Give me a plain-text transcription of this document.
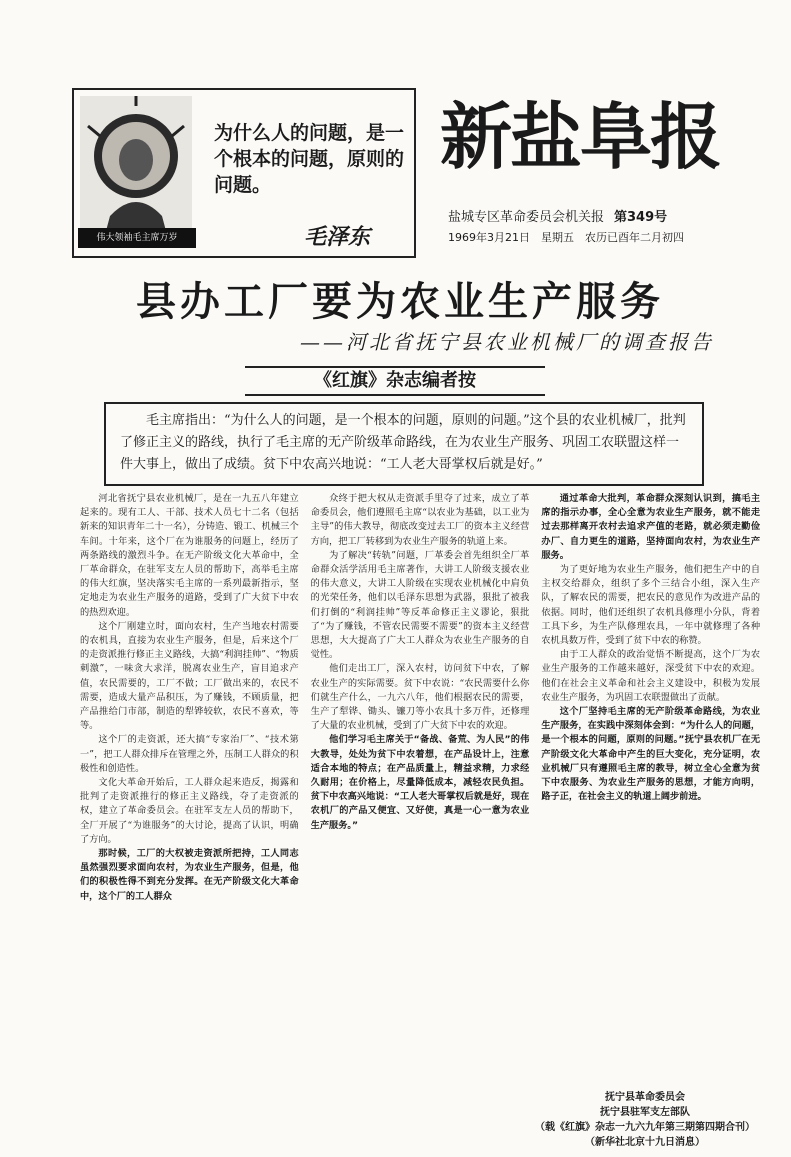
伟大领袖毛主席万岁
为什么人的问题，是一个根本的问题，原则的问题。
毛泽东
新盐阜报
盐城专区革命委员会机关报 第349号
1969年3月21日　星期五　农历已酉年二月初四
县办工厂要为农业生产服务
——河北省抚宁县农业机械厂的调查报告
《红旗》杂志编者按
毛主席指出：“为什么人的问题，是一个根本的问题，原则的问题。”这个县的农业机械厂，批判了修正主义的路线，执行了毛主席的无产阶级革命路线，在为农业生产服务、巩固工农联盟这样一件大事上，做出了成绩。贫下中农高兴地说：“工人老大哥掌权后就是好。”

河北省抚宁县农业机械厂，是在一九五八年建立起来的。现有工人、干部、技术人员七十二名（包括新来的知识青年二十一名），分铸造、锻工、机械三个车间。十年来，这个厂在为谁服务的问题上，经历了两条路线的激烈斗争。在无产阶级文化大革命中，全厂革命群众，在驻军支左人员的帮助下，高举毛主席的伟大红旗，坚决落实毛主席的一系列最新指示，坚定地走为农业生产服务的道路，受到了广大贫下中农的热烈欢迎。

这个厂刚建立时，面向农村，生产当地农村需要的农机具，直接为农业生产服务，但是，后来这个厂的走资派推行修正主义路线，大搞“利润挂帅”、“物质刺激”，一味贪大求洋，脱离农业生产，盲目追求产值，农民需要的，工厂不做；工厂做出来的，农民不需要，造成大量产品积压，为了赚钱，不顾质量，把产品推给门市部，制造的犁铧较软，农民不喜欢，等等。

这个厂的走资派，还大搞“专家治厂”、“技术第一”，把工人群众排斥在管理之外，压制工人群众的积极性和创造性。

文化大革命开始后，工人群众起来造反，揭露和批判了走资派推行的修正主义路线，夺了走资派的权，建立了革命委员会。在驻军支左人员的帮助下，全厂开展了“为谁服务”的大讨论，提高了认识，明确了方向。

那时候，工厂的大权被走资派所把持，工人同志虽然强烈要求面向农村，为农业生产服务，但是，他们的积极性得不到充分发挥。在无产阶级文化大革命中，这个厂的工人群众

众终于把大权从走资派手里夺了过来，成立了革命委员会，他们遵照毛主席“以农业为基础，以工业为主导”的伟大教导，彻底改变过去工厂的资本主义经营方向，把工厂转移到为农业生产服务的轨道上来。

为了解决“转轨”问题，厂革委会首先组织全厂革命群众活学活用毛主席著作，大讲工人阶级支援农业的伟大意义，大讲工人阶级在实现农业机械化中肩负的光荣任务，他们以毛泽东思想为武器，狠批了被我们打倒的“利润挂帅”等反革命修正主义谬论，狠批了“为了赚钱，不管农民需要不需要”的资本主义经营思想，大大提高了广大工人群众为农业生产服务的自觉性。

他们走出工厂，深入农村，访问贫下中农，了解农业生产的实际需要。贫下中农说：“农民需要什么你们就生产什么，一九六八年，他们根据农民的需要，生产了犁铧、锄头、镰刀等小农具十多万件，还修理了大量的农业机械，受到了广大贫下中农的欢迎。

他们学习毛主席关于“备战、备荒、为人民”的伟大教导，处处为贫下中农着想，在产品设计上，注意适合本地的特点；在产品质量上，精益求精，力求经久耐用；在价格上，尽量降低成本，减轻农民负担。贫下中农高兴地说：“工人老大哥掌权后就是好，现在农机厂的产品又便宜、又好使，真是一心一意为农业生产服务。”

通过革命大批判，革命群众深刻认识到，搞毛主席的指示办事，全心全意为农业生产服务，就不能走过去那样离开农村去追求产值的老路，就必须走勤俭办厂、自力更生的道路，坚持面向农村，为农业生产服务。

为了更好地为农业生产服务，他们把生产中的自主权交给群众，组织了多个三结合小组，深入生产队，了解农民的需要，把农民的意见作为改进产品的依据。同时，他们还组织了农机具修理小分队，背着工具下乡，为生产队修理农具，一年中就修理了各种农机具数万件，受到了贫下中农的称赞。

由于工人群众的政治觉悟不断提高，这个厂为农业生产服务的工作越来越好，深受贫下中农的欢迎。他们在社会主义革命和社会主义建设中，积极为发展农业生产服务，为巩固工农联盟做出了贡献。

这个厂坚持毛主席的无产阶级革命路线，为农业生产服务，在实践中深刻体会到：“为什么人的问题，是一个根本的问题，原则的问题。”抚宁县农机厂在无产阶级文化大革命中产生的巨大变化，充分证明，农业机械厂只有遵照毛主席的教导，树立全心全意为贫下中农服务、为农业生产服务的思想，才能方向明，路子正，在社会主义的轨道上阔步前进。

抚宁县革命委员会
抚宁县驻军支左部队
（载《红旗》杂志一九六九年第三期第四期合刊）
（新华社北京十九日消息）
